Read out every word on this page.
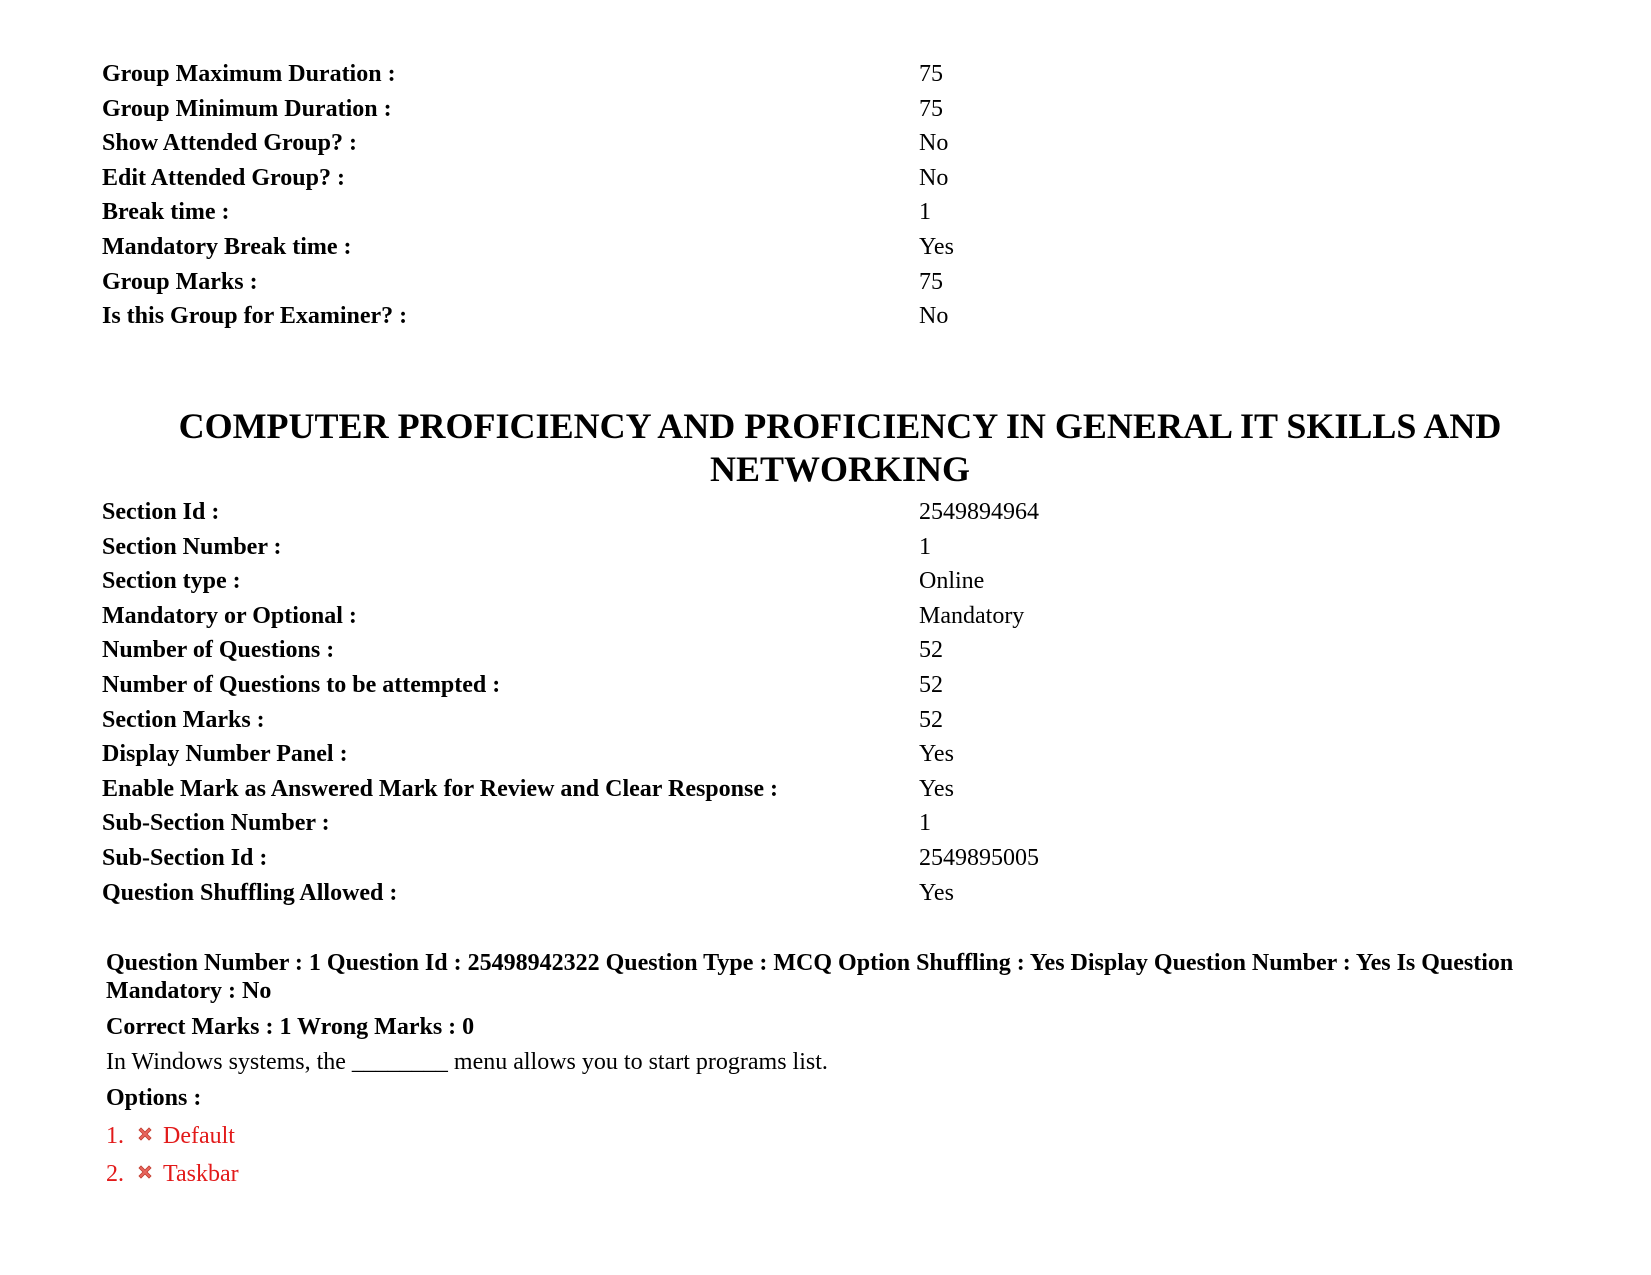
Group Maximum Duration :	75
Group Minimum Duration :	75
Show Attended Group? :	No
Edit Attended Group? :	No
Break time :	1
Mandatory Break time :	Yes
Group Marks :	75
Is this Group for Examiner? :	No
COMPUTER PROFICIENCY AND PROFICIENCY IN GENERAL IT SKILLS AND NETWORKING
Section Id :	2549894964
Section Number :	1
Section type :	Online
Mandatory or Optional :	Mandatory
Number of Questions :	52
Number of Questions to be attempted :	52
Section Marks :	52
Display Number Panel :	Yes
Enable Mark as Answered Mark for Review and Clear Response :	Yes
Sub-Section Number :	1
Sub-Section Id :	2549895005
Question Shuffling Allowed :	Yes
Question Number : 1 Question Id : 25498942322 Question Type : MCQ Option Shuffling : Yes Display Question Number : Yes Is Question Mandatory : No
Correct Marks : 1 Wrong Marks : 0
In Windows systems, the ________ menu allows you to start programs list.
Options :
1.	Default
2.	Taskbar
